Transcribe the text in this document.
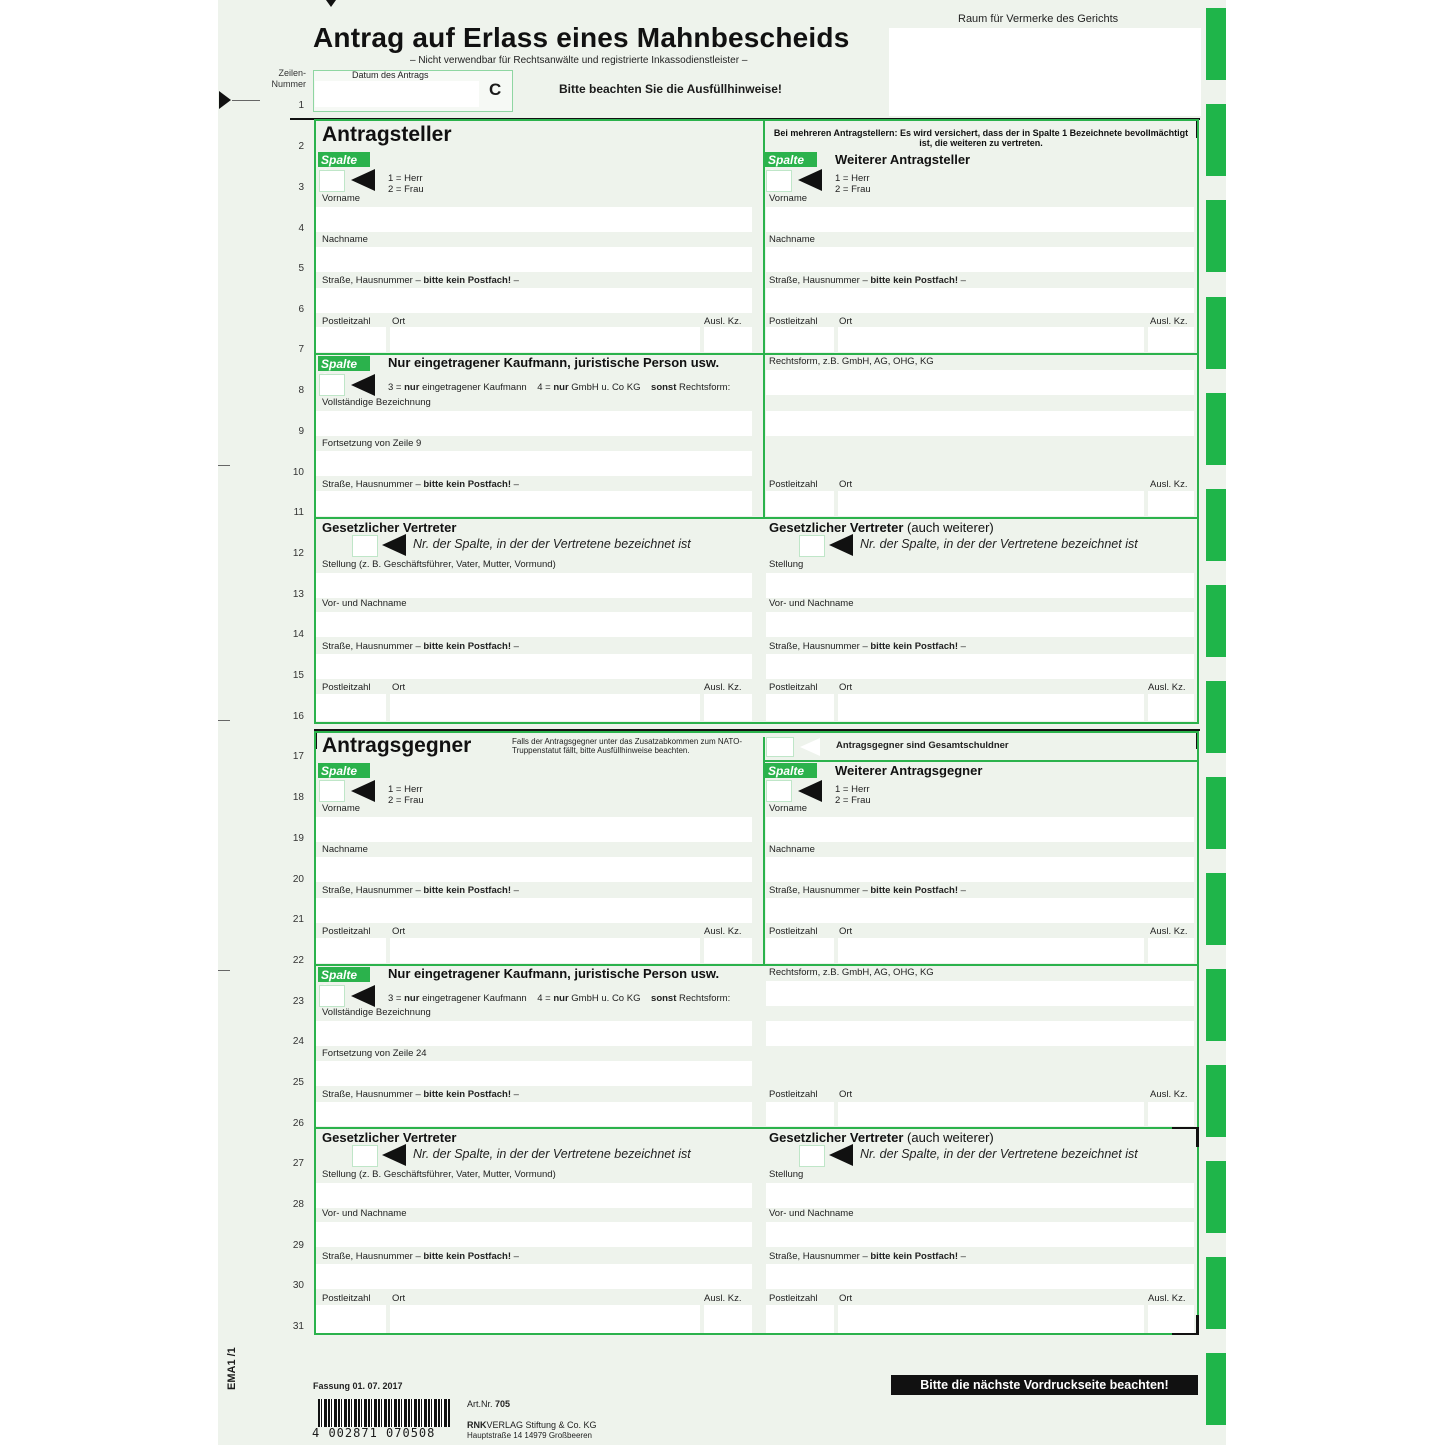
Antrag auf Erlass eines Mahnbescheids
– Nicht verwendbar für Rechtsanwälte und registrierte Inkassodienstleister –
Raum für Vermerke des Gerichts
Zeilen-
Nummer
Datum des Antrags
C	Bitte beachten Sie die Ausfüllhinweise!
1
2
3
4
5
6
7
8
9
10
11
12
13
14
15
16
17
18
19
20
21
22
23
24
25
26
27
28
29
30
31
Antragsteller	Bei mehreren Antragstellern: Es wird versichert, dass der in Spalte 1 Bezeichnete bevollmächtigt ist, die weiteren zu vertreten.
Spalte	Spalte	Weiterer Antragsteller
1 = Herr
2 = Frau
1 = Herr
2 = Frau
Vorname	Vorname
Nachname	Nachname
Straße, Hausnummer – bitte kein Postfach! –	Straße, Hausnummer – bitte kein Postfach! –
Postleitzahl Ort	Ausl. Kz.	Postleitzahl Ort	Ausl. Kz.
Spalte	Nur eingetragener Kaufmann, juristische Person usw.	Rechtsform, z.B. GmbH, AG, OHG, KG
3 = nur eingetragener Kaufmann 4 = nur GmbH u. Co KG sonst Rechtsform:
Vollständige Bezeichnung
Fortsetzung von Zeile 9
Straße, Hausnummer – bitte kein Postfach! –	Postleitzahl Ort	Ausl. Kz.
Gesetzlicher Vertreter	Gesetzlicher Vertreter (auch weiterer)
Nr. der Spalte, in der der Vertretene bezeichnet ist	Nr. der Spalte, in der der Vertretene bezeichnet ist
Stellung (z. B. Geschäftsführer, Vater, Mutter, Vormund)	Stellung
Vor- und Nachname	Vor- und Nachname
Straße, Hausnummer – bitte kein Postfach! –	Straße, Hausnummer – bitte kein Postfach! –
Postleitzahl Ort	Ausl. Kz.	Postleitzahl Ort	Ausl. Kz.
Antragsgegner	Falls der Antragsgegner unter das Zusatzabkommen zum NATO-Truppenstatut fällt, bitte Ausfüllhinweise beachten.	Antragsgegner sind Gesamtschuldner
Spalte	Spalte	Weiterer Antragsgegner
1 = Herr
2 = Frau
1 = Herr
2 = Frau
Vorname	Vorname
Nachname	Nachname
Straße, Hausnummer – bitte kein Postfach! –	Straße, Hausnummer – bitte kein Postfach! –
Postleitzahl Ort	Ausl. Kz.	Postleitzahl Ort	Ausl. Kz.
Spalte	Nur eingetragener Kaufmann, juristische Person usw.	Rechtsform, z.B. GmbH, AG, OHG, KG
3 = nur eingetragener Kaufmann 4 = nur GmbH u. Co KG sonst Rechtsform:
Vollständige Bezeichnung
Fortsetzung von Zeile 24
Straße, Hausnummer – bitte kein Postfach! –	Postleitzahl Ort	Ausl. Kz.
Gesetzlicher Vertreter	Gesetzlicher Vertreter (auch weiterer)
Nr. der Spalte, in der der Vertretene bezeichnet ist	Nr. der Spalte, in der der Vertretene bezeichnet ist
Stellung (z. B. Geschäftsführer, Vater, Mutter, Vormund)	Stellung
Vor- und Nachname	Vor- und Nachname
Straße, Hausnummer – bitte kein Postfach! –	Straße, Hausnummer – bitte kein Postfach! –
Postleitzahl Ort	Ausl. Kz.	Postleitzahl Ort	Ausl. Kz.
EMA1 /1	Fassung 01. 07. 2017
Art.Nr. 705
RNKVERLAG Stiftung & Co. KG
Hauptstraße 14 14979 Großbeeren
4 002871 070508
Bitte die nächste Vordruckseite beachten!
